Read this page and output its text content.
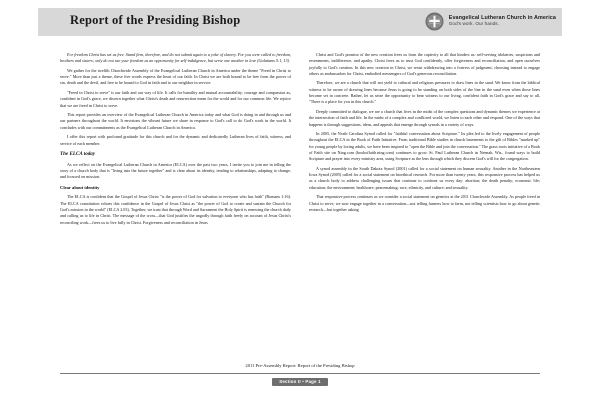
Report of the Presiding Bishop	Evangelical Lutheran Church in America
God's work. Our hands.

For freedom Christ has set us free. Stand firm, therefore, and do not submit again to a yoke of slavery. For you were called to freedom, brothers and sisters; only do not use your freedom as an opportunity for self-indulgence, but serve one another in love (Galatians 5:1, 13).

We gather for the twelfth Churchwide Assembly of the Evangelical Lutheran Church in America under the theme "Freed in Christ to serve." More than just a theme, these five words express the heart of our faith. In Christ we are both bound to be free from the power of sin, death and the devil, and free to be bound to God in faith and to our neighbor in service.

"Freed in Christ to serve" is our faith and our way of life. It calls for humility and mutual accountability; courage and compassion as, confident in God's grace, we discern together what Christ's death and resurrection mean for the world and for our common life. We rejoice that we are freed in Christ to serve.

This report provides an overview of the Evangelical Lutheran Church in America today and what God is doing in and through us and our partners throughout the world. It envisions the vibrant future we share in response to God's call to do God's work in the world. It concludes with our commitments as the Evangelical Lutheran Church in America.

I offer this report with profound gratitude for this church and for the dynamic and dedicatedly Lutheran lives of faith, witness, and service of each member.

The ELCA today

As we reflect on the Evangelical Lutheran Church in America (ELCA) over the past two years, I invite you to join me in telling the story of a church body that is "living into the future together" and is clear about its identity, tending to relationships, adapting to change, and focused on mission.

Clear about identity

The ELCA is confident that the Gospel of Jesus Christ "is the power of God for salvation to everyone who has faith" (Romans 1:16). The ELCA constitution echoes this confidence in the Gospel of Jesus Christ as "the power of God to create and sustain the Church for God's mission in the world" (ELCA 2.03). Together, we trust that through Word and Sacrament the Holy Spirit is renewing the church daily and calling us to life in Christ. The message of the cross—that God justifies the ungodly through faith freely on account of Jesus Christ's reconciling work—frees us to live fully in Christ. Forgiveness and reconciliation in Jesus

Christ and God's promise of the new creation frees us from the captivity to all that hinders us: self-serving idolatries, suspicions and resentments, indifference, and apathy. Christ frees us to trust God confidently, offer forgiveness and reconciliation, and open ourselves joyfully to God's creation. In this new creation in Christ, we resist withdrawing into a fortress of judgment, choosing instead to engage others as ambassadors for Christ, embodied messengers of God's generous reconciliation.

Therefore, we are a church that will not yield to cultural and religious pressures to draw lines in the sand. We know from the biblical witness to be aware of drawing lines because Jesus is going to be standing on both sides of the line in the sand even when those lines become set in concrete. Rather, let us seize the opportunity to bear witness to our living, confident faith in God's grace and say to all, "There is a place for you in this church."

Deeply committed to dialogue, we are a church that lives in the midst of the complex questions and dynamic themes we experience at the intersection of faith and life. In the midst of a complex and conflicted world, we listen to each other and respond. One of the ways that happens is through suggestions, ideas, and appeals that emerge through synods in a variety of ways.

In 2005, the North Carolina Synod called for "faithful conversation about Scripture." Its plea led to the lively engagement of people throughout the ELCA in the Book of Faith Initiative. From traditional Bible studies in church basements to the gift of Bibles "marked up" for young people by loving adults, we have been inspired to "open the Bible and join the conversation." The grass roots initiative of a Book of Faith site on Ning.com (bookoffaith.ning.com) continues to grow. St. Paul Lutheran Church in Neenah, Wis., found ways to build Scripture and prayer into every ministry area, using Scripture as the lens through which they discern God's will for the congregation.

A synod assembly in the South Dakota Synod (2001) called for a social statement on human sexuality. Another in the Northeastern Iowa Synod (2005) called for a social statement on bioethical research. For more than twenty years, this responsive process has helped us as a church body to address challenging issues that continue to confront us every day: abortion; the death penalty; economic life; education; the environment; healthcare; peacemaking; race, ethnicity, and culture; and sexuality.

That responsive process continues as we consider a social statement on genetics at the 2011 Churchwide Assembly. As people freed in Christ to serve, we now engage together in a conversation—not telling farmers how to farm, not telling scientists how to go about genetic research—but together asking

2011 Pre-Assembly Report: Report of the Presiding Bishop
Section II • Page 1
